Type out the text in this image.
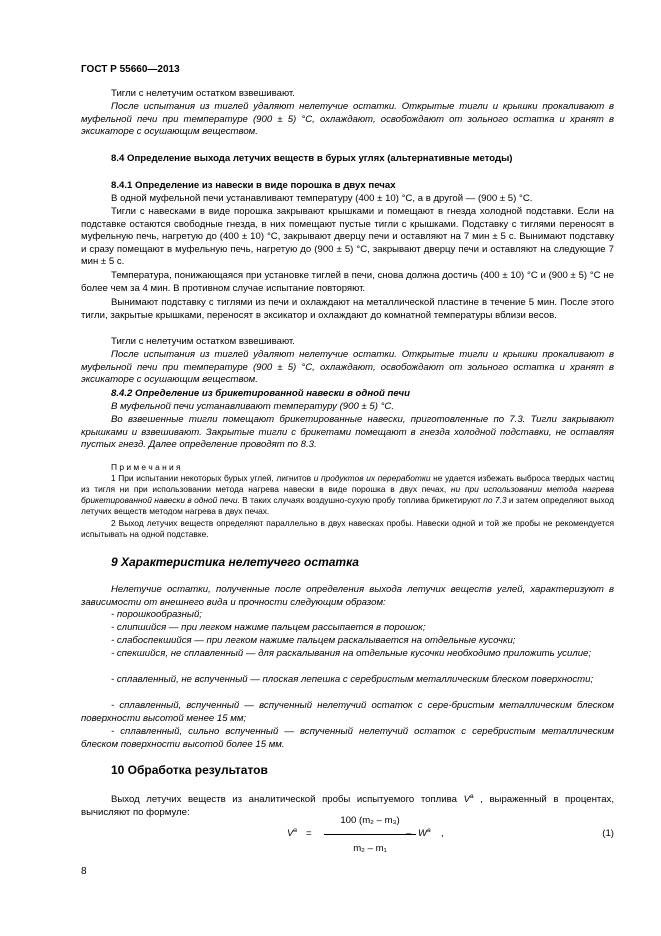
ГОСТ Р 55660—2013
Тигли с нелетучим остатком взвешивают.
После испытания из тиглей удаляют нелетучие остатки. Открытые тигли и крышки прокаливают в муфельной печи при температуре (900 ± 5) °С, охлаждают, освобождают от зольного остатка и хранят в эксикаторе с осушающим веществом.
8.4 Определение выхода летучих веществ в бурых углях (альтернативные методы)
8.4.1 Определение из навески в виде порошка в двух печах
В одной муфельной печи устанавливают температуру (400 ± 10) °С, а в другой — (900 ± 5) °С.
Тигли с навесками в виде порошка закрывают крышками и помещают в гнезда холодной подставки. Если на подставке остаются свободные гнезда, в них помещают пустые тигли с крышками. Подставку с тиглями переносят в муфельную печь, нагретую до (400 ± 10) °С, закрывают дверцу печи и оставляют на 7 мин ± 5 с. Вынимают подставку и сразу помещают в муфельную печь, нагретую до (900 ± 5) °С, закрывают дверцу печи и оставляют на следующие 7 мин ± 5 с.
Температура, понижающаяся при установке тиглей в печи, снова должна достичь (400 ± 10) °С и (900 ± 5) °С не более чем за 4 мин. В противном случае испытание повторяют.
Вынимают подставку с тиглями из печи и охлаждают на металлической пластине в течение 5 мин. После этого тигли, закрытые крышками, переносят в эксикатор и охлаждают до комнатной температуры вблизи весов.
Тигли с нелетучим остатком взвешивают.
После испытания из тиглей удаляют нелетучие остатки. Открытые тигли и крышки прокаливают в муфельной печи при температуре (900 ± 5) °С, охлаждают, освобождают от зольного остатка и хранят в эксикаторе с осушающим веществом.
8.4.2 Определение из брикетированной навески в одной печи
В муфельной печи устанавливают температуру (900 ± 5) °С.
Во взвешенные тигли помещают брикетированные навески, приготовленные по 7.3. Тигли закрывают крышками и взвешивают. Закрытые тигли с брикетами помещают в гнезда холодной подставки, не оставляя пустых гнезд. Далее определение проводят по 8.3.
П р и м е ч а н и я
1 При испытании некоторых бурых углей, лигнитов и продуктов их переработки не удается избежать выброса твердых частиц из тигля ни при использовании метода нагрева навески в виде порошка в двух печах, ни при использовании метода нагрева брикетированной навески в одной печи. В таких случаях воздушно-сухую пробу топлива брикетируют по 7.3 и затем определяют выход летучих веществ методом нагрева в двух печах.
2 Выход летучих веществ определяют параллельно в двух навесках пробы. Навески одной и той же пробы не рекомендуется испытывать на одной подставке.
9 Характеристика нелетучего остатка
Нелетучие остатки, полученные после определения выхода летучих веществ углей, характеризуют в зависимости от внешнего вида и прочности следующим образом:
- порошкообразный;
- слипшийся — при легком нажиме пальцем рассыпается в порошок;
- слабоспекшийся — при легком нажиме пальцем раскалывается на отдельные кусочки;
- спекшийся, не сплавленный — для раскалывания на отдельные кусочки необходимо приложить усилие;
- сплавленный, не вспученный — плоская лепешка с серебристым металлическим блеском поверхности;
- сплавленный, вспученный — вспученный нелетучий остаток с сере-бристым металлическим блеском поверхности высотой менее 15 мм;
- сплавленный, сильно вспученный — вспученный нелетучий остаток с серебристым металлическим блеском поверхности высотой более 15 мм.
10 Обработка результатов
Выход летучих веществ из аналитической пробы испытуемого топлива $V^a$ , выраженный в процентах, вычисляют по формуле:
$V^a$ =
100 (m₂ – m₃)
m₂ – m₁
– $W^a$ ,	(1)
8
